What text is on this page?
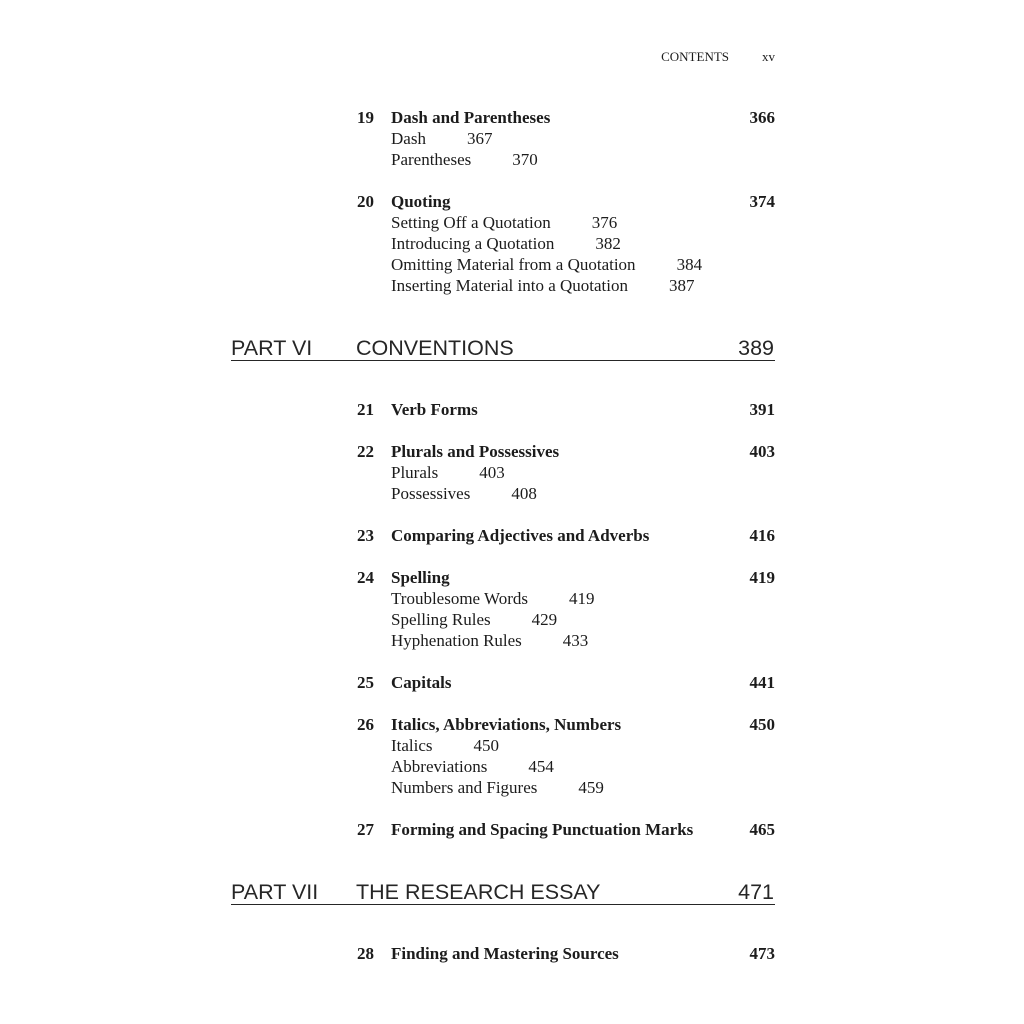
CONTENTS	xv
19	Dash and Parentheses	366
Dash 367
Parentheses 370
20	Quoting	374
Setting Off a Quotation 376
Introducing a Quotation 382
Omitting Material from a Quotation 384
Inserting Material into a Quotation 387
PART VI	CONVENTIONS	389
21	Verb Forms	391
22	Plurals and Possessives	403
Plurals 403
Possessives 408
23	Comparing Adjectives and Adverbs	416
24	Spelling	419
Troublesome Words 419
Spelling Rules 429
Hyphenation Rules 433
25	Capitals	441
26	Italics, Abbreviations, Numbers	450
Italics 450
Abbreviations 454
Numbers and Figures 459
27	Forming and Spacing Punctuation Marks	465
PART VII	THE RESEARCH ESSAY	471
28	Finding and Mastering Sources	473
